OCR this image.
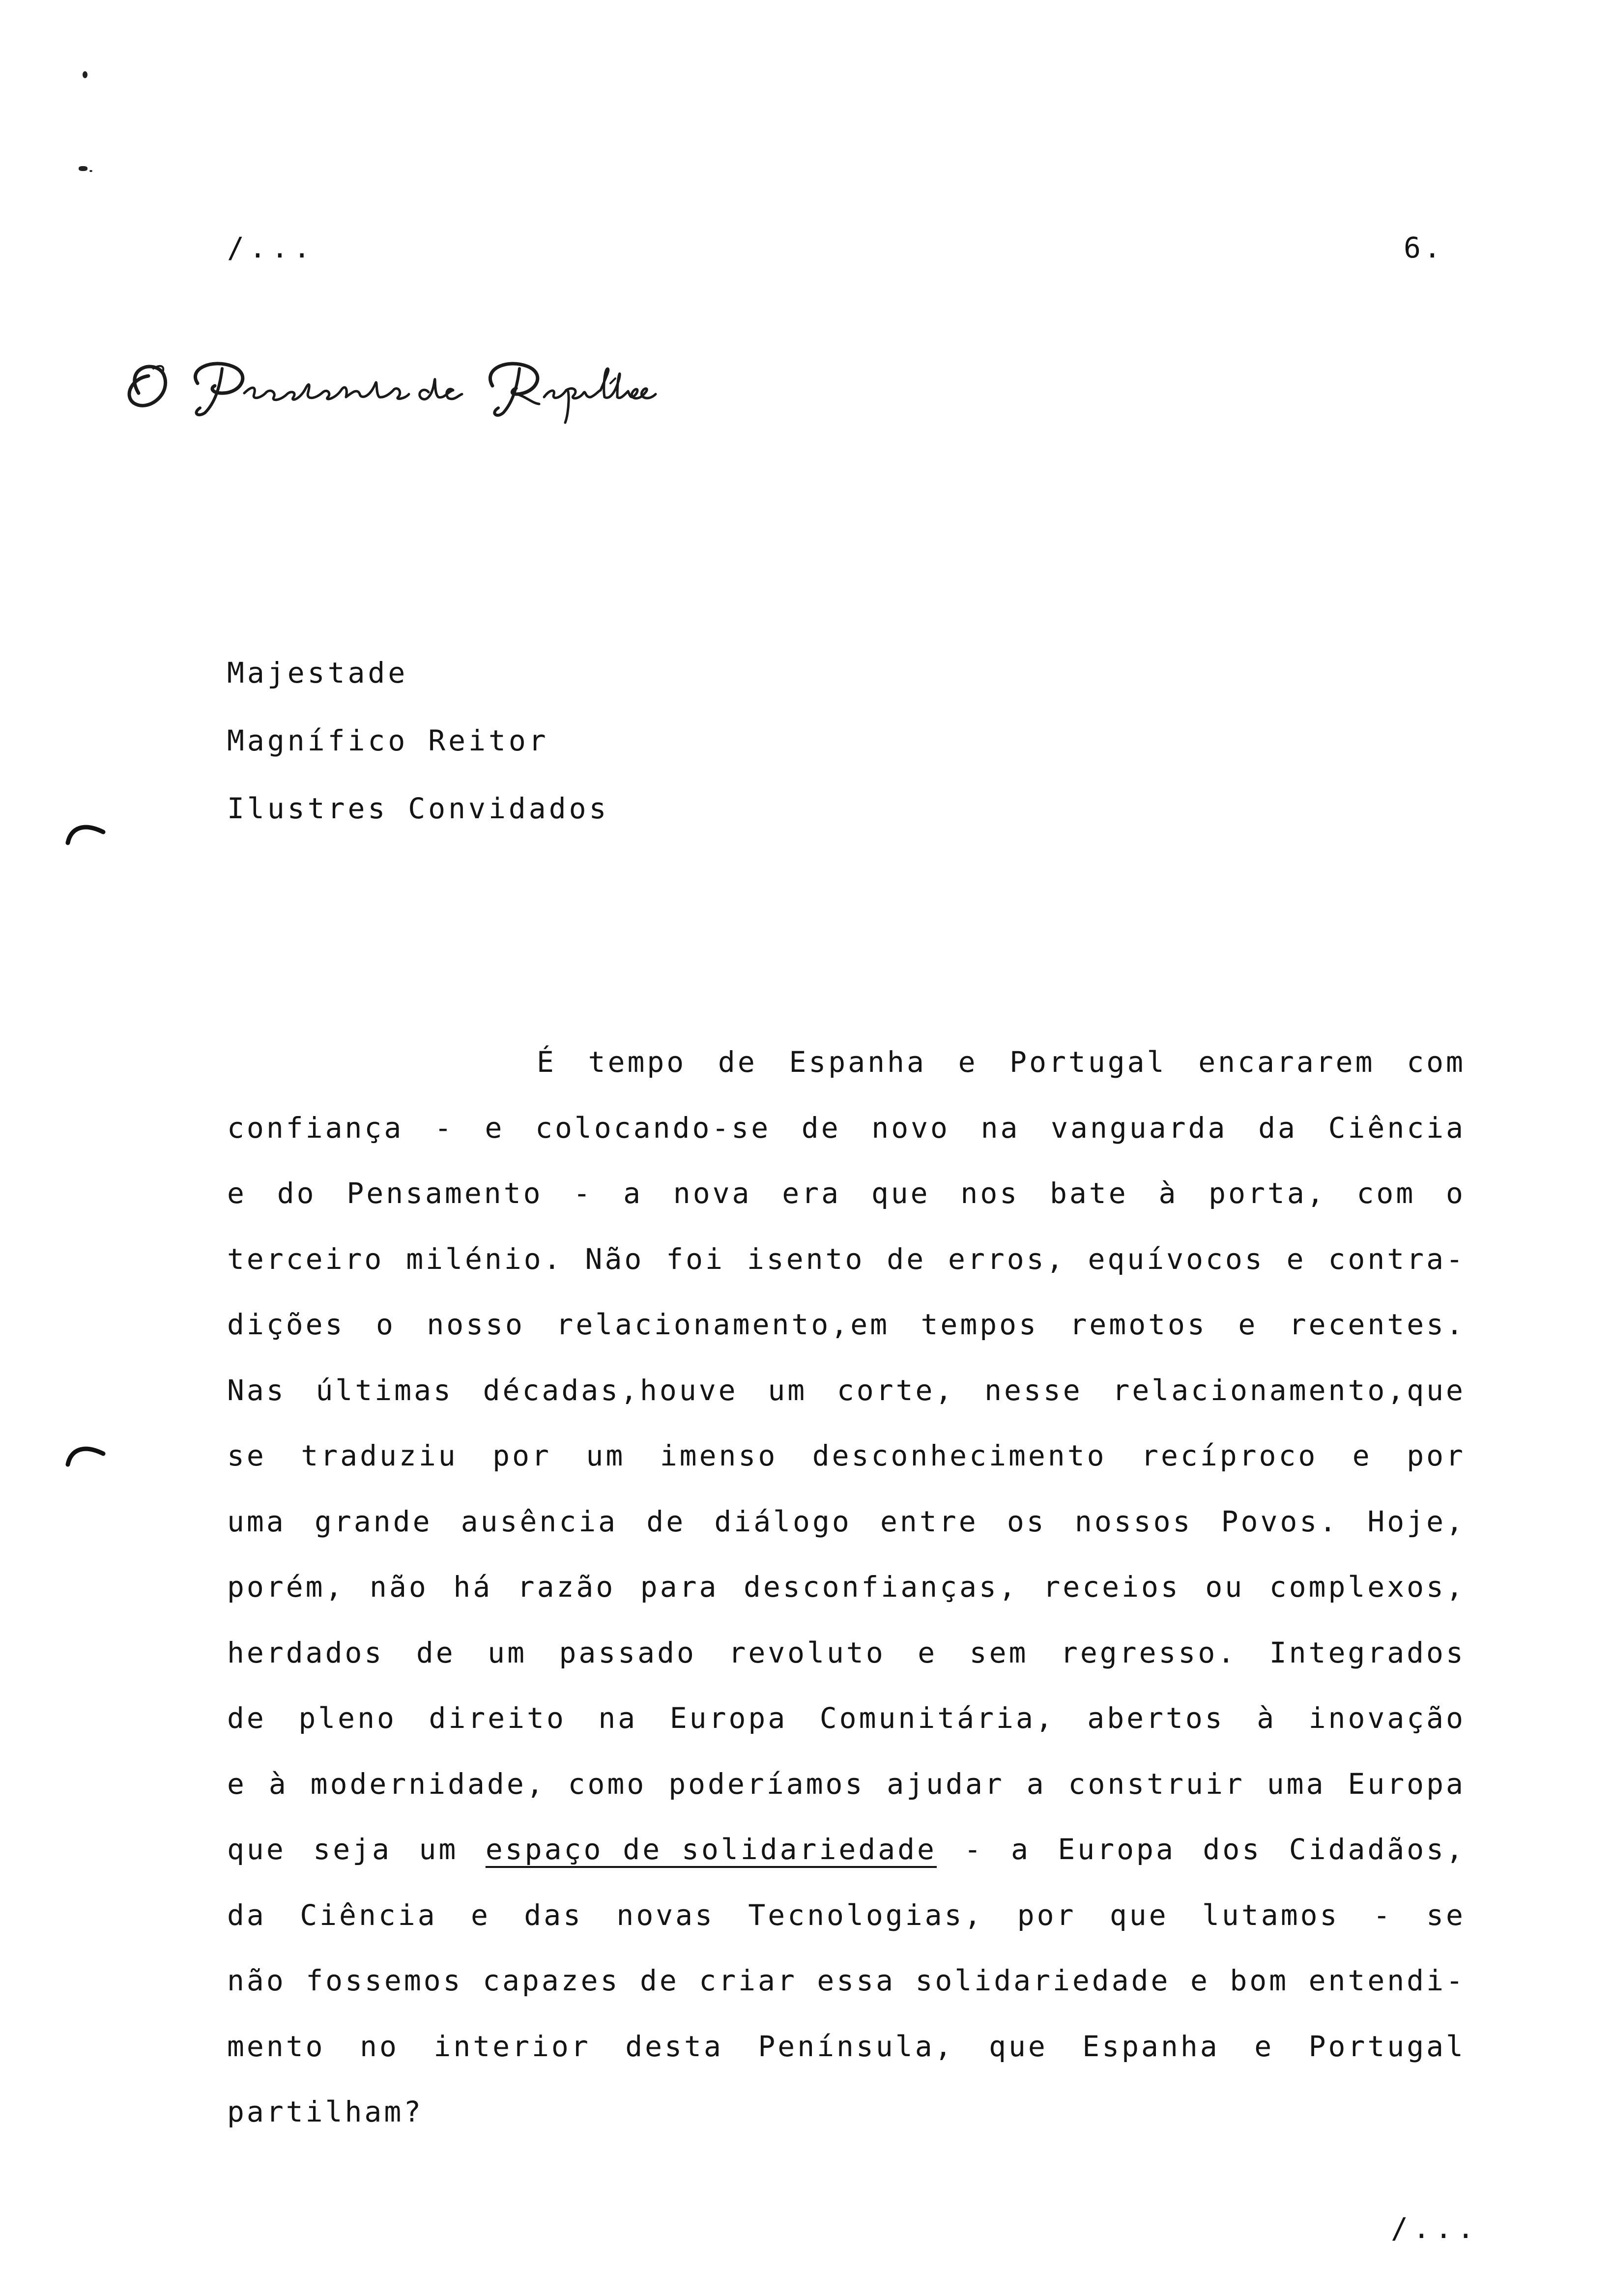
/...	6.
Majestade
Magnífico Reitor
Ilustres Convidados
É tempo de Espanha e Portugal encararem com
confiança - e colocando-se de novo na vanguarda da Ciência
e do Pensamento - a nova era que nos bate à porta, com o
terceiro milénio. Não foi isento de erros, equívocos e contra-
dições o nosso relacionamento,em tempos remotos e recentes.
Nas últimas décadas,houve um corte, nesse relacionamento,que
se traduziu por um imenso desconhecimento recíproco e por
uma grande ausência de diálogo entre os nossos Povos. Hoje,
porém, não há razão para desconfianças, receios ou complexos,
herdados de um passado revoluto e sem regresso. Integrados
de pleno direito na Europa Comunitária, abertos à inovação
e à modernidade, como poderíamos ajudar a construir uma Europa
que seja um espaço de solidariedade - a Europa dos Cidadãos,
da Ciência e das novas Tecnologias, por que lutamos - se
não fossemos capazes de criar essa solidariedade e bom entendi-
mento no interior desta Península, que Espanha e Portugal
partilham?
/...
